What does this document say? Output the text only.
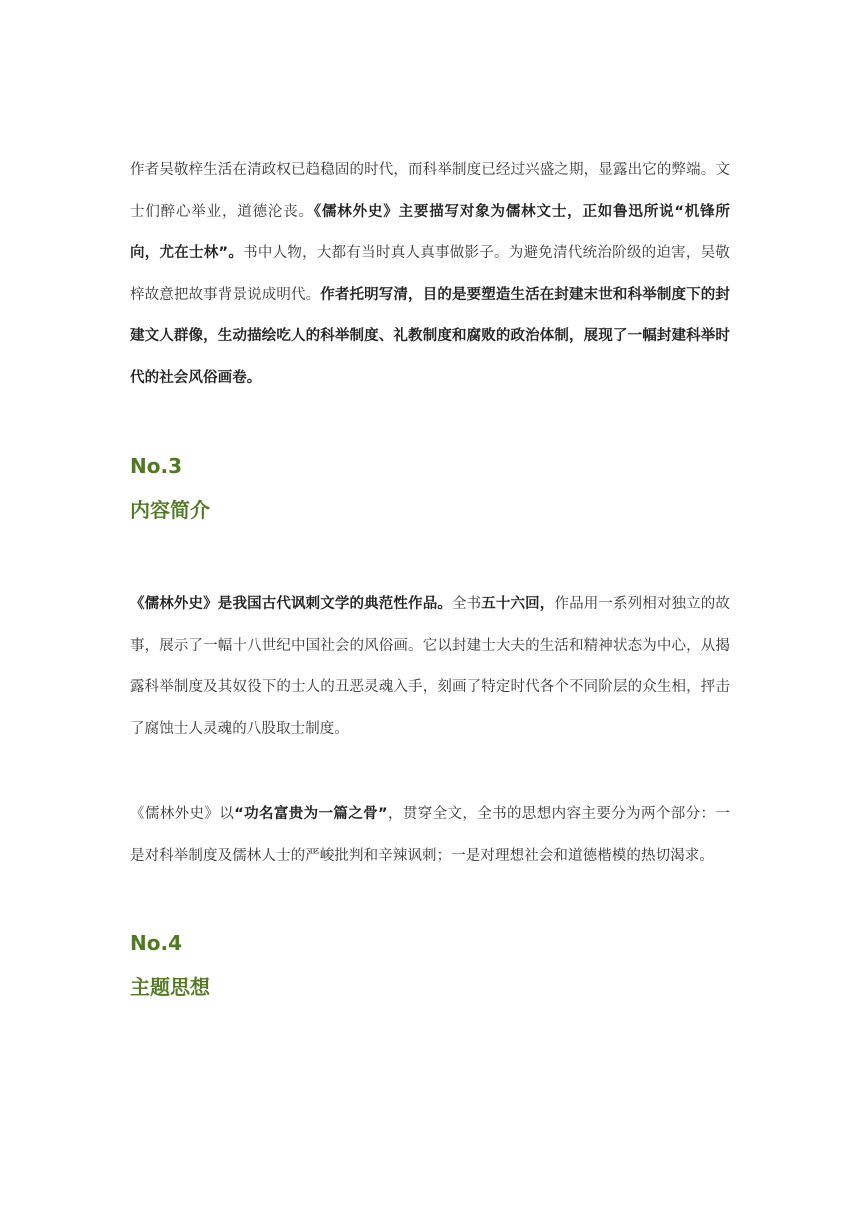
作者吴敬梓生活在清政权已趋稳固的时代，而科举制度已经过兴盛之期，显露出它的弊端。文士们醉心举业，道德沦丧。《儒林外史》主要描写对象为儒林文士，正如鲁迅所说“机锋所向，尤在士林”。书中人物，大都有当时真人真事做影子。为避免清代统治阶级的迫害，吴敬梓故意把故事背景说成明代。作者托明写清，目的是要塑造生活在封建末世和科举制度下的封建文人群像，生动描绘吃人的科举制度、礼教制度和腐败的政治体制，展现了一幅封建科举时代的社会风俗画卷。

No.3
内容简介

《儒林外史》是我国古代讽刺文学的典范性作品。全书五十六回，作品用一系列相对独立的故事，展示了一幅十八世纪中国社会的风俗画。它以封建士大夫的生活和精神状态为中心，从揭露科举制度及其奴役下的士人的丑恶灵魂入手，刻画了特定时代各个不同阶层的众生相，抨击了腐蚀士人灵魂的八股取士制度。

《儒林外史》以“功名富贵为一篇之骨”，贯穿全文，全书的思想内容主要分为两个部分：一是对科举制度及儒林人士的严峻批判和辛辣讽刺；一是对理想社会和道德楷模的热切渴求。

No.4
主题思想
